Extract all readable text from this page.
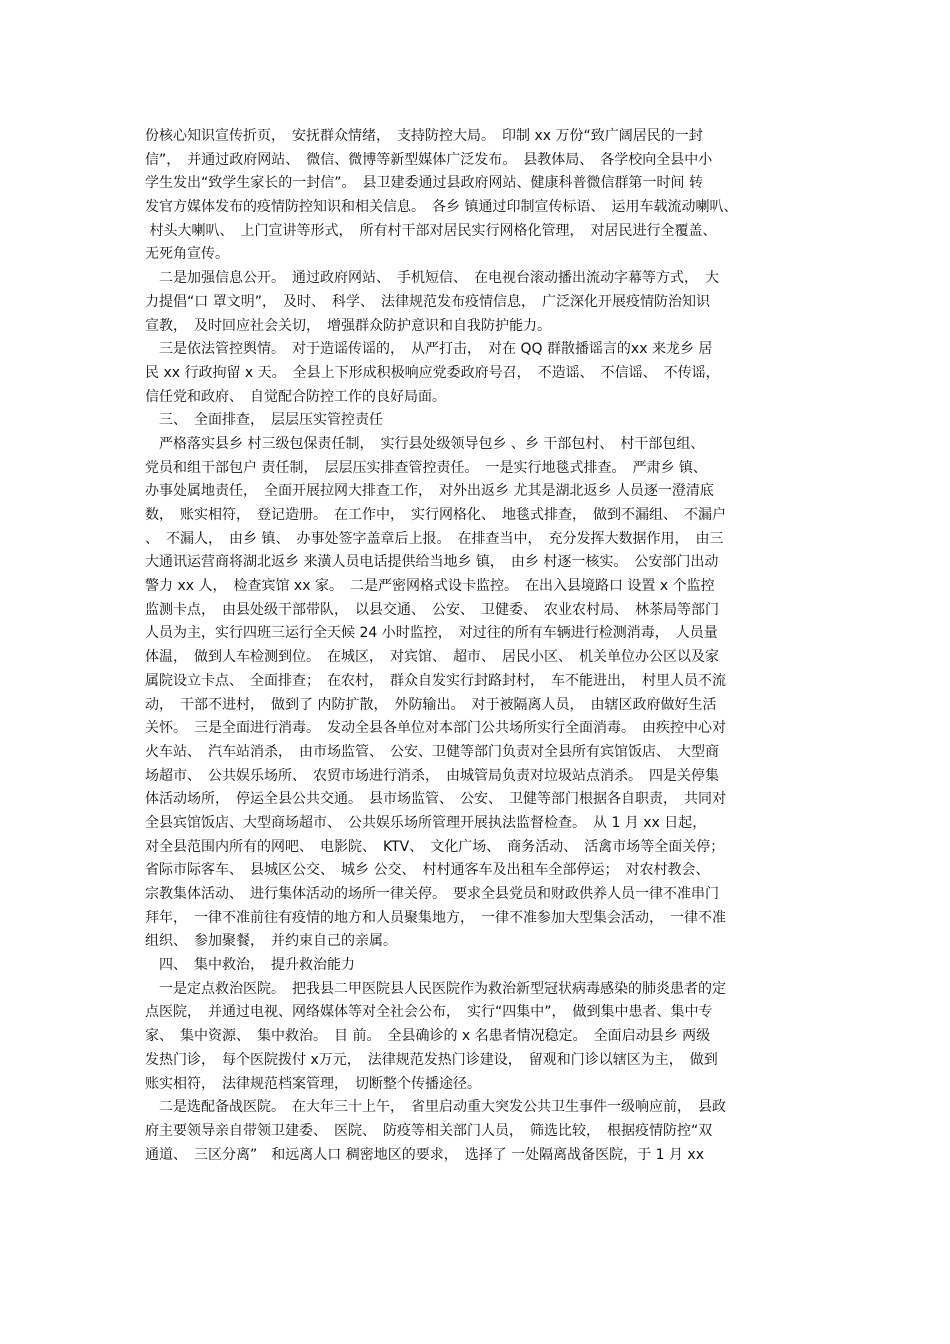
份核心知识宣传折页，　安抚群众情绪，　支持防控大局。　印制 xx 万份“致广阔居民的一封
信”，　并通过政府网站、　微信、微博等新型媒体广泛发布。　县教体局、　各学校向全县中小
学生发出“致学生家长的一封信”。　县卫建委通过县政府网站、健康科普微信群第一时间 转
发官方媒体发布的疫情防控知识和相关信息。　各乡 镇通过印制宣传标语、　运用车载流动喇叭、
村头大喇叭、　上门宣讲等形式，　所有村干部对居民实行网格化管理，　对居民进行全覆盖、
无死角宣传。
　二是加强信息公开。　通过政府网站、　手机短信、　在电视台滚动播出流动字幕等方式，　大
力提倡“口 罩文明”，　及时、　科学、　法律规范发布疫情信息，　广泛深化开展疫情防治知识
宣教，　及时回应社会关切，　增强群众防护意识和自我防护能力。
　三是依法管控舆情。　对于造谣传谣的，　从严打击，　对在 QQ 群散播谣言的xx 来龙乡 居
民 xx 行政拘留 x 天。　全县上下形成积极响应党委政府号召，　不造谣、　不信谣、　不传谣，
信任党和政府、　自觉配合防控工作的良好局面。
　三、　全面排查，　层层压实管控责任
　严格落实县乡 村三级包保责任制，　实行县处级领导包乡 、乡 干部包村、　村干部包组、
党员和组干部包户 责任制，　层层压实排查管控责任。　一是实行地毯式排查。　严肃乡 镇、
办事处属地责任，　全面开展拉网大排查工作，　对外出返乡 尤其是湖北返乡 人员逐一澄清底
数，　账实相符，　登记造册。　在工作中，　实行网格化、　地毯式排查，　做到不漏组、　不漏户
、　不漏人，　由乡 镇、　办事处签字盖章后上报。　在排查当中，　充分发挥大数据作用，　由三
大通讯运营商将湖北返乡 来潢人员电话提供给当地乡 镇，　由乡 村逐一核实。　公安部门出动
警力 xx 人，　检查宾馆 xx 家。　二是严密网格式设卡监控。　在出入县境路口 设置 x 个监控
监测卡点，　由县处级干部带队，　以县交通、　公安、　卫健委、　农业农村局、　林茶局等部门
人员为主，实行四班三运行全天候 24 小时监控，　对过往的所有车辆进行检测消毒，　人员量
体温，　做到人车检测到位。　在城区，　对宾馆、　超市、　居民小区、　机关单位办公区以及家
属院设立卡点、　全面排查；　在农村，　群众自发实行封路封村，　车不能进出，　村里人员不流
动，　干部不进村，　做到了 内防扩散，　外防输出。　对于被隔离人员，　由辖区政府做好生活
关怀。　三是全面进行消毒。　发动全县各单位对本部门公共场所实行全面消毒。　由疾控中心对
火车站、　汽车站消杀，　由市场监管、　公安、卫健等部门负责对全县所有宾馆饭店、　大型商
场超市、　公共娱乐场所、　农贸市场进行消杀，　由城管局负责对垃圾站点消杀。　四是关停集
体活动场所，　停运全县公共交通。　县市场监管、　公安、　卫健等部门根据各自职责，　共同对
全县宾馆饭店、大型商场超市、　公共娱乐场所管理开展执法监督检查。　从 1 月 xx 日起，
对全县范围内所有的网吧、　电影院、　KTV、　文化广场、　商务活动、　活禽市场等全面关停；
省际市际客车、　县城区公交、　城乡 公交、　村村通客车及出租车全部停运；　对农村教会、
宗教集体活动、　进行集体活动的场所一律关停。　要求全县党员和财政供养人员一律不准串门
拜年，　一律不准前往有疫情的地方和人员聚集地方，　一律不准参加大型集会活动，　一律不准
组织、　参加聚餐，　并约束自己的亲属。
　四、　集中救治，　提升救治能力
　一是定点救治医院。　把我县二甲医院县人民医院作为救治新型冠状病毒感染的肺炎患者的定
点医院，　并通过电视、网络媒体等对全社会公布，　实行“四集中”，　做到集中患者、集中专
家、　集中资源、　集中救治。　目 前。　全县确诊的 x 名患者情况稳定。　全面启动县乡 两级
发热门诊，　每个医院拨付 x万元，　法律规范发热门诊建设，　留观和门诊以辖区为主，　做到
账实相符，　法律规范档案管理，　切断整个传播途径。
　二是选配备战医院。　在大年三十上午，　省里启动重大突发公共卫生事件一级响应前，　县政
府主要领导亲自带领卫建委、　医院、　防疫等相关部门人员，　筛选比较，　根据疫情防控“双
通道、　三区分离”　和远离人口 稠密地区的要求，　选择了 一处隔离战备医院，于 1 月 xx
